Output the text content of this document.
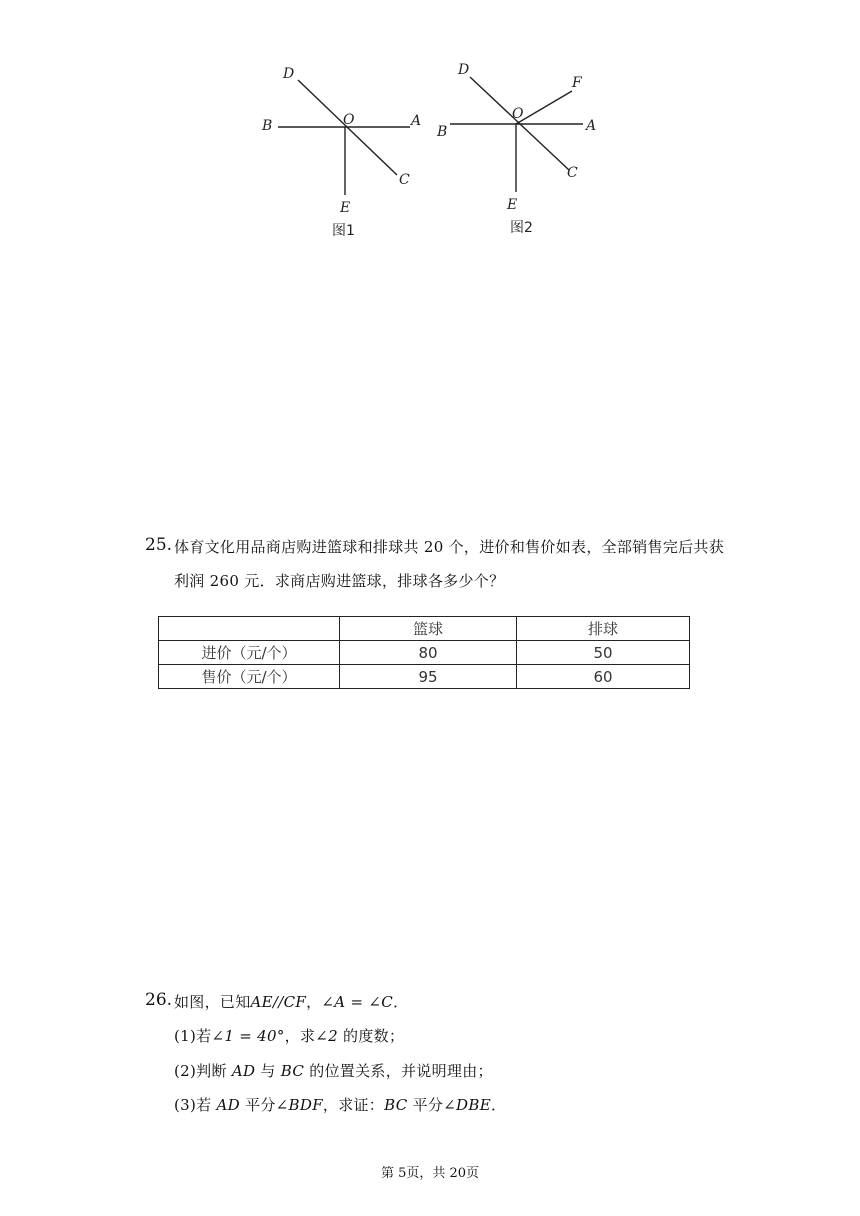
D
B	O	A
C
E
图1
D
F
B
O
A
C
E
图2
25. 体育文化用品商店购进篮球和排球共 20 个，进价和售价如表，全部销售完后共获
利润 260 元．求商店购进篮球，排球各多少个？
	篮球	排球
进价（元/个）	80	50
售价（元/个）	95	60
26. 如图，已知AE//CF，∠A = ∠C．
(1)若∠1 = 40°，求∠2 的度数；
(2)判断 AD 与 BC 的位置关系，并说明理由；
(3)若 AD 平分∠BDF，求证：BC 平分∠DBE．
第 5页，共 20页
